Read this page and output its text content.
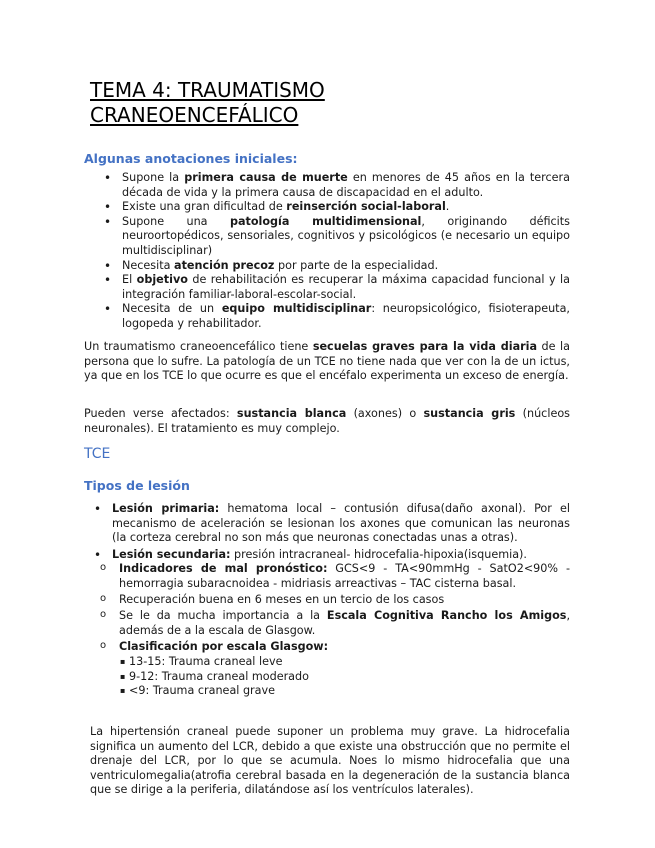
TEMA 4: TRAUMATISMO
CRANEOENCEFÁLICO
Algunas anotaciones iniciales:
• Supone la primera causa de muerte en menores de 45 años en la tercera década de vida y la primera causa de discapacidad en el adulto.
• Existe una gran dificultad de reinserción social-laboral.
• Supone una patología multidimensional, originando déficits neuroortopédicos, sensoriales, cognitivos y psicológicos (e necesario un equipo multidisciplinar)
• Necesita atención precoz por parte de la especialidad.
• El objetivo de rehabilitación es recuperar la máxima capacidad funcional y la integración familiar-laboral-escolar-social.
• Necesita de un equipo multidisciplinar: neuropsicológico, fisioterapeuta, logopeda y rehabilitador.

Un traumatismo craneoencefálico tiene secuelas graves para la vida diaria de la persona que lo sufre. La patología de un TCE no tiene nada que ver con la de un ictus, ya que en los TCE lo que ocurre es que el encéfalo experimenta un exceso de energía.

Pueden verse afectados: sustancia blanca (axones) o sustancia gris (núcleos neuronales). El tratamiento es muy complejo.

TCE
Tipos de lesión
• Lesión primaria: hematoma local – contusión difusa(daño axonal). Por el mecanismo de aceleración se lesionan los axones que comunican las neuronas (la corteza cerebral no son más que neuronas conectadas unas a otras).
• Lesión secundaria: presión intracraneal- hidrocefalia-hipoxia(isquemia).
o Indicadores de mal pronóstico: GCS<9 - TA<90mmHg - SatO2<90% - hemorragia subaracnoidea - midriasis arreactivas – TAC cisterna basal.
o Recuperación buena en 6 meses en un tercio de los casos
o Se le da mucha importancia a la Escala Cognitiva Rancho los Amigos, además de a la escala de Glasgow.
o Clasificación por escala Glasgow:
▪ 13-15: Trauma craneal leve
▪ 9-12: Trauma craneal moderado
▪ <9: Trauma craneal grave

La hipertensión craneal puede suponer un problema muy grave. La hidrocefalia significa un aumento del LCR, debido a que existe una obstrucción que no permite el drenaje del LCR, por lo que se acumula. Noes lo mismo hidrocefalia que una ventriculomegalia(atrofia cerebral basada en la degeneración de la sustancia blanca que se dirige a la periferia, dilatándose así los ventrículos laterales).
